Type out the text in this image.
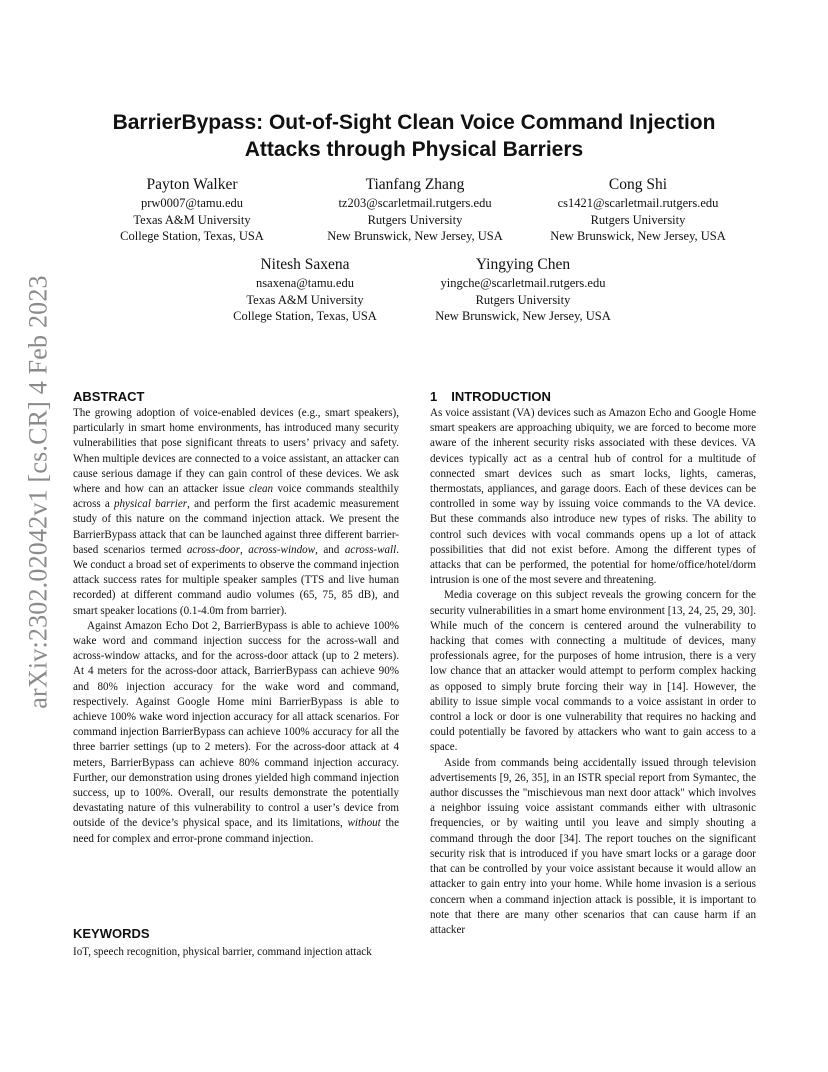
arXiv:2302.02042v1 [cs.CR] 4 Feb 2023
BarrierBypass: Out-of-Sight Clean Voice Command Injection
Attacks through Physical Barriers
Payton Walker
prw0007@tamu.edu
Texas A&M University
College Station, Texas, USA
Tianfang Zhang
tz203@scarletmail.rutgers.edu
Rutgers University
New Brunswick, New Jersey, USA
Cong Shi
cs1421@scarletmail.rutgers.edu
Rutgers University
New Brunswick, New Jersey, USA
Nitesh Saxena
nsaxena@tamu.edu
Texas A&M University
College Station, Texas, USA
Yingying Chen
yingche@scarletmail.rutgers.edu
Rutgers University
New Brunswick, New Jersey, USA
ABSTRACT

The growing adoption of voice-enabled devices (e.g., smart speakers), particularly in smart home environments, has introduced many security vulnerabilities that pose significant threats to users’ privacy and safety. When multiple devices are connected to a voice assistant, an attacker can cause serious damage if they can gain control of these devices. We ask where and how can an attacker issue clean voice commands stealthily across a physical barrier, and perform the first academic measurement study of this nature on the command injection attack. We present the BarrierBypass attack that can be launched against three different barrier-based scenarios termed across-door, across-window, and across-wall. We conduct a broad set of experiments to observe the command injection attack success rates for multiple speaker samples (TTS and live human recorded) at different command audio volumes (65, 75, 85 dB), and smart speaker locations (0.1-4.0m from barrier).

Against Amazon Echo Dot 2, BarrierBypass is able to achieve 100% wake word and command injection success for the across-wall and across-window attacks, and for the across-door attack (up to 2 meters). At 4 meters for the across-door attack, BarrierBypass can achieve 90% and 80% injection accuracy for the wake word and command, respectively. Against Google Home mini BarrierBypass is able to achieve 100% wake word injection accuracy for all attack scenarios. For command injection BarrierBypass can achieve 100% accuracy for all the three barrier settings (up to 2 meters). For the across-door attack at 4 meters, BarrierBypass can achieve 80% command injection accuracy. Further, our demonstration using drones yielded high command injection success, up to 100%. Overall, our results demonstrate the potentially devastating nature of this vulnerability to control a user’s device from outside of the device’s physical space, and its limitations, without the need for complex and error-prone command injection.

KEYWORDS
IoT, speech recognition, physical barrier, command injection attack
1 INTRODUCTION

As voice assistant (VA) devices such as Amazon Echo and Google Home smart speakers are approaching ubiquity, we are forced to become more aware of the inherent security risks associated with these devices. VA devices typically act as a central hub of control for a multitude of connected smart devices such as smart locks, lights, cameras, thermostats, appliances, and garage doors. Each of these devices can be controlled in some way by issuing voice commands to the VA device. But these commands also introduce new types of risks. The ability to control such devices with vocal commands opens up a lot of attack possibilities that did not exist before. Among the different types of attacks that can be performed, the potential for home/office/hotel/dorm intrusion is one of the most severe and threatening.

Media coverage on this subject reveals the growing concern for the security vulnerabilities in a smart home environment [13, 24, 25, 29, 30]. While much of the concern is centered around the vulnerability to hacking that comes with connecting a multitude of devices, many professionals agree, for the purposes of home intrusion, there is a very low chance that an attacker would attempt to perform complex hacking as opposed to simply brute forcing their way in [14]. However, the ability to issue simple vocal commands to a voice assistant in order to control a lock or door is one vulnerability that requires no hacking and could potentially be favored by attackers who want to gain access to a space.

Aside from commands being accidentally issued through television advertisements [9, 26, 35], in an ISTR special report from Symantec, the author discusses the "mischievous man next door attack" which involves a neighbor issuing voice assistant commands either with ultrasonic frequencies, or by waiting until you leave and simply shouting a command through the door [34]. The report touches on the significant security risk that is introduced if you have smart locks or a garage door that can be controlled by your voice assistant because it would allow an attacker to gain entry into your home. While home invasion is a serious concern when a command injection attack is possible, it is important to note that there are many other scenarios that can cause harm if an attacker
